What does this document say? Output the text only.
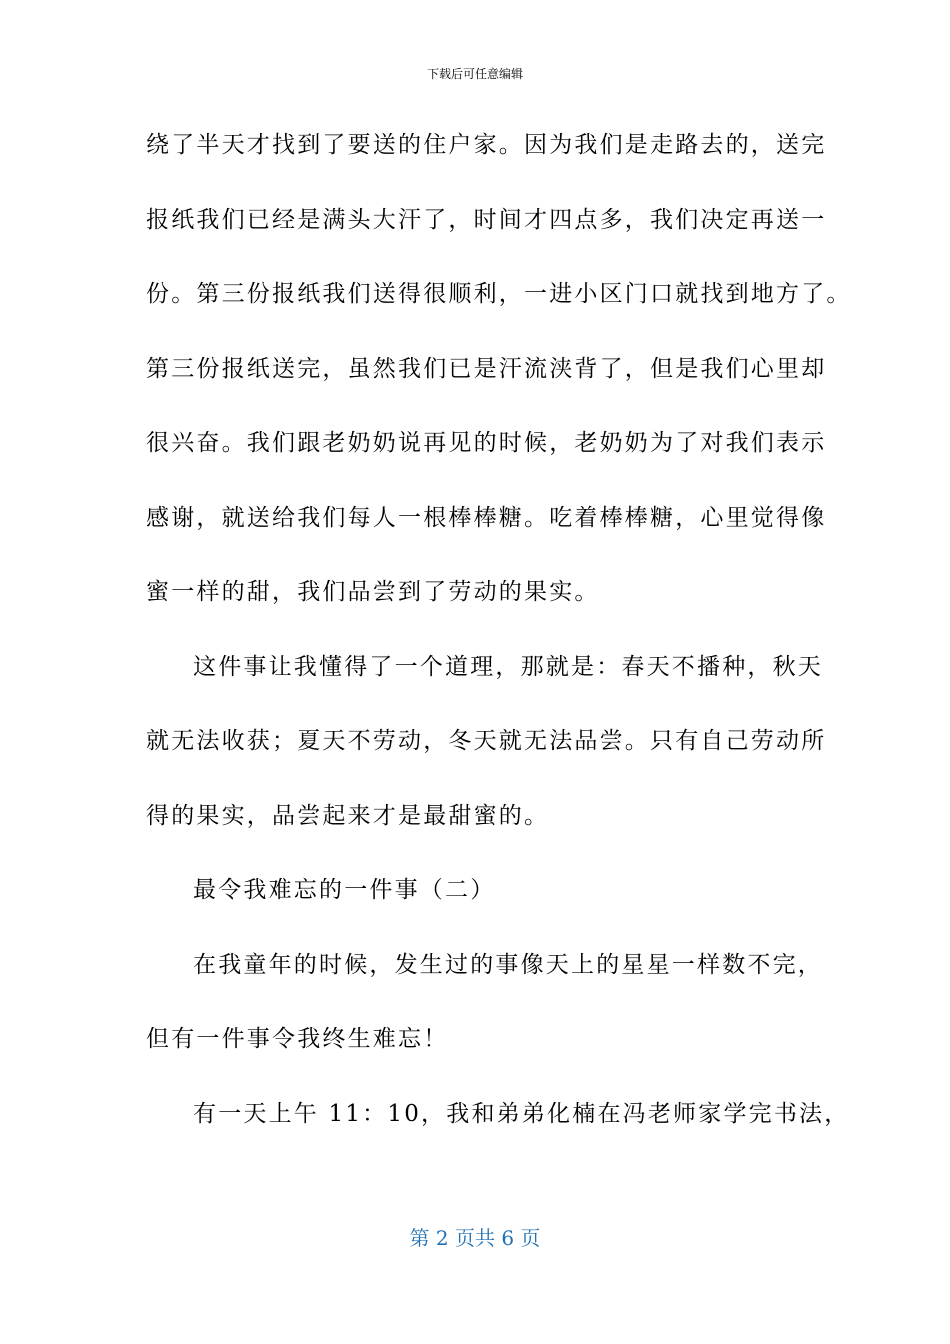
下载后可任意编辑
绕了半天才找到了要送的住户家。因为我们是走路去的，送完
报纸我们已经是满头大汗了，时间才四点多，我们决定再送一
份。第三份报纸我们送得很顺利，一进小区门口就找到地方了。
第三份报纸送完，虽然我们已是汗流浃背了，但是我们心里却
很兴奋。我们跟老奶奶说再见的时候，老奶奶为了对我们表示
感谢，就送给我们每人一根棒棒糖。吃着棒棒糖，心里觉得像
蜜一样的甜，我们品尝到了劳动的果实。
这件事让我懂得了一个道理，那就是：春天不播种，秋天
就无法收获；夏天不劳动，冬天就无法品尝。只有自己劳动所
得的果实，品尝起来才是最甜蜜的。
最令我难忘的一件事（二）
在我童年的时候，发生过的事像天上的星星一样数不完，
但有一件事令我终生难忘！
有一天上午 11：10，我和弟弟化楠在冯老师家学完书法，
第 2 页共 6 页
